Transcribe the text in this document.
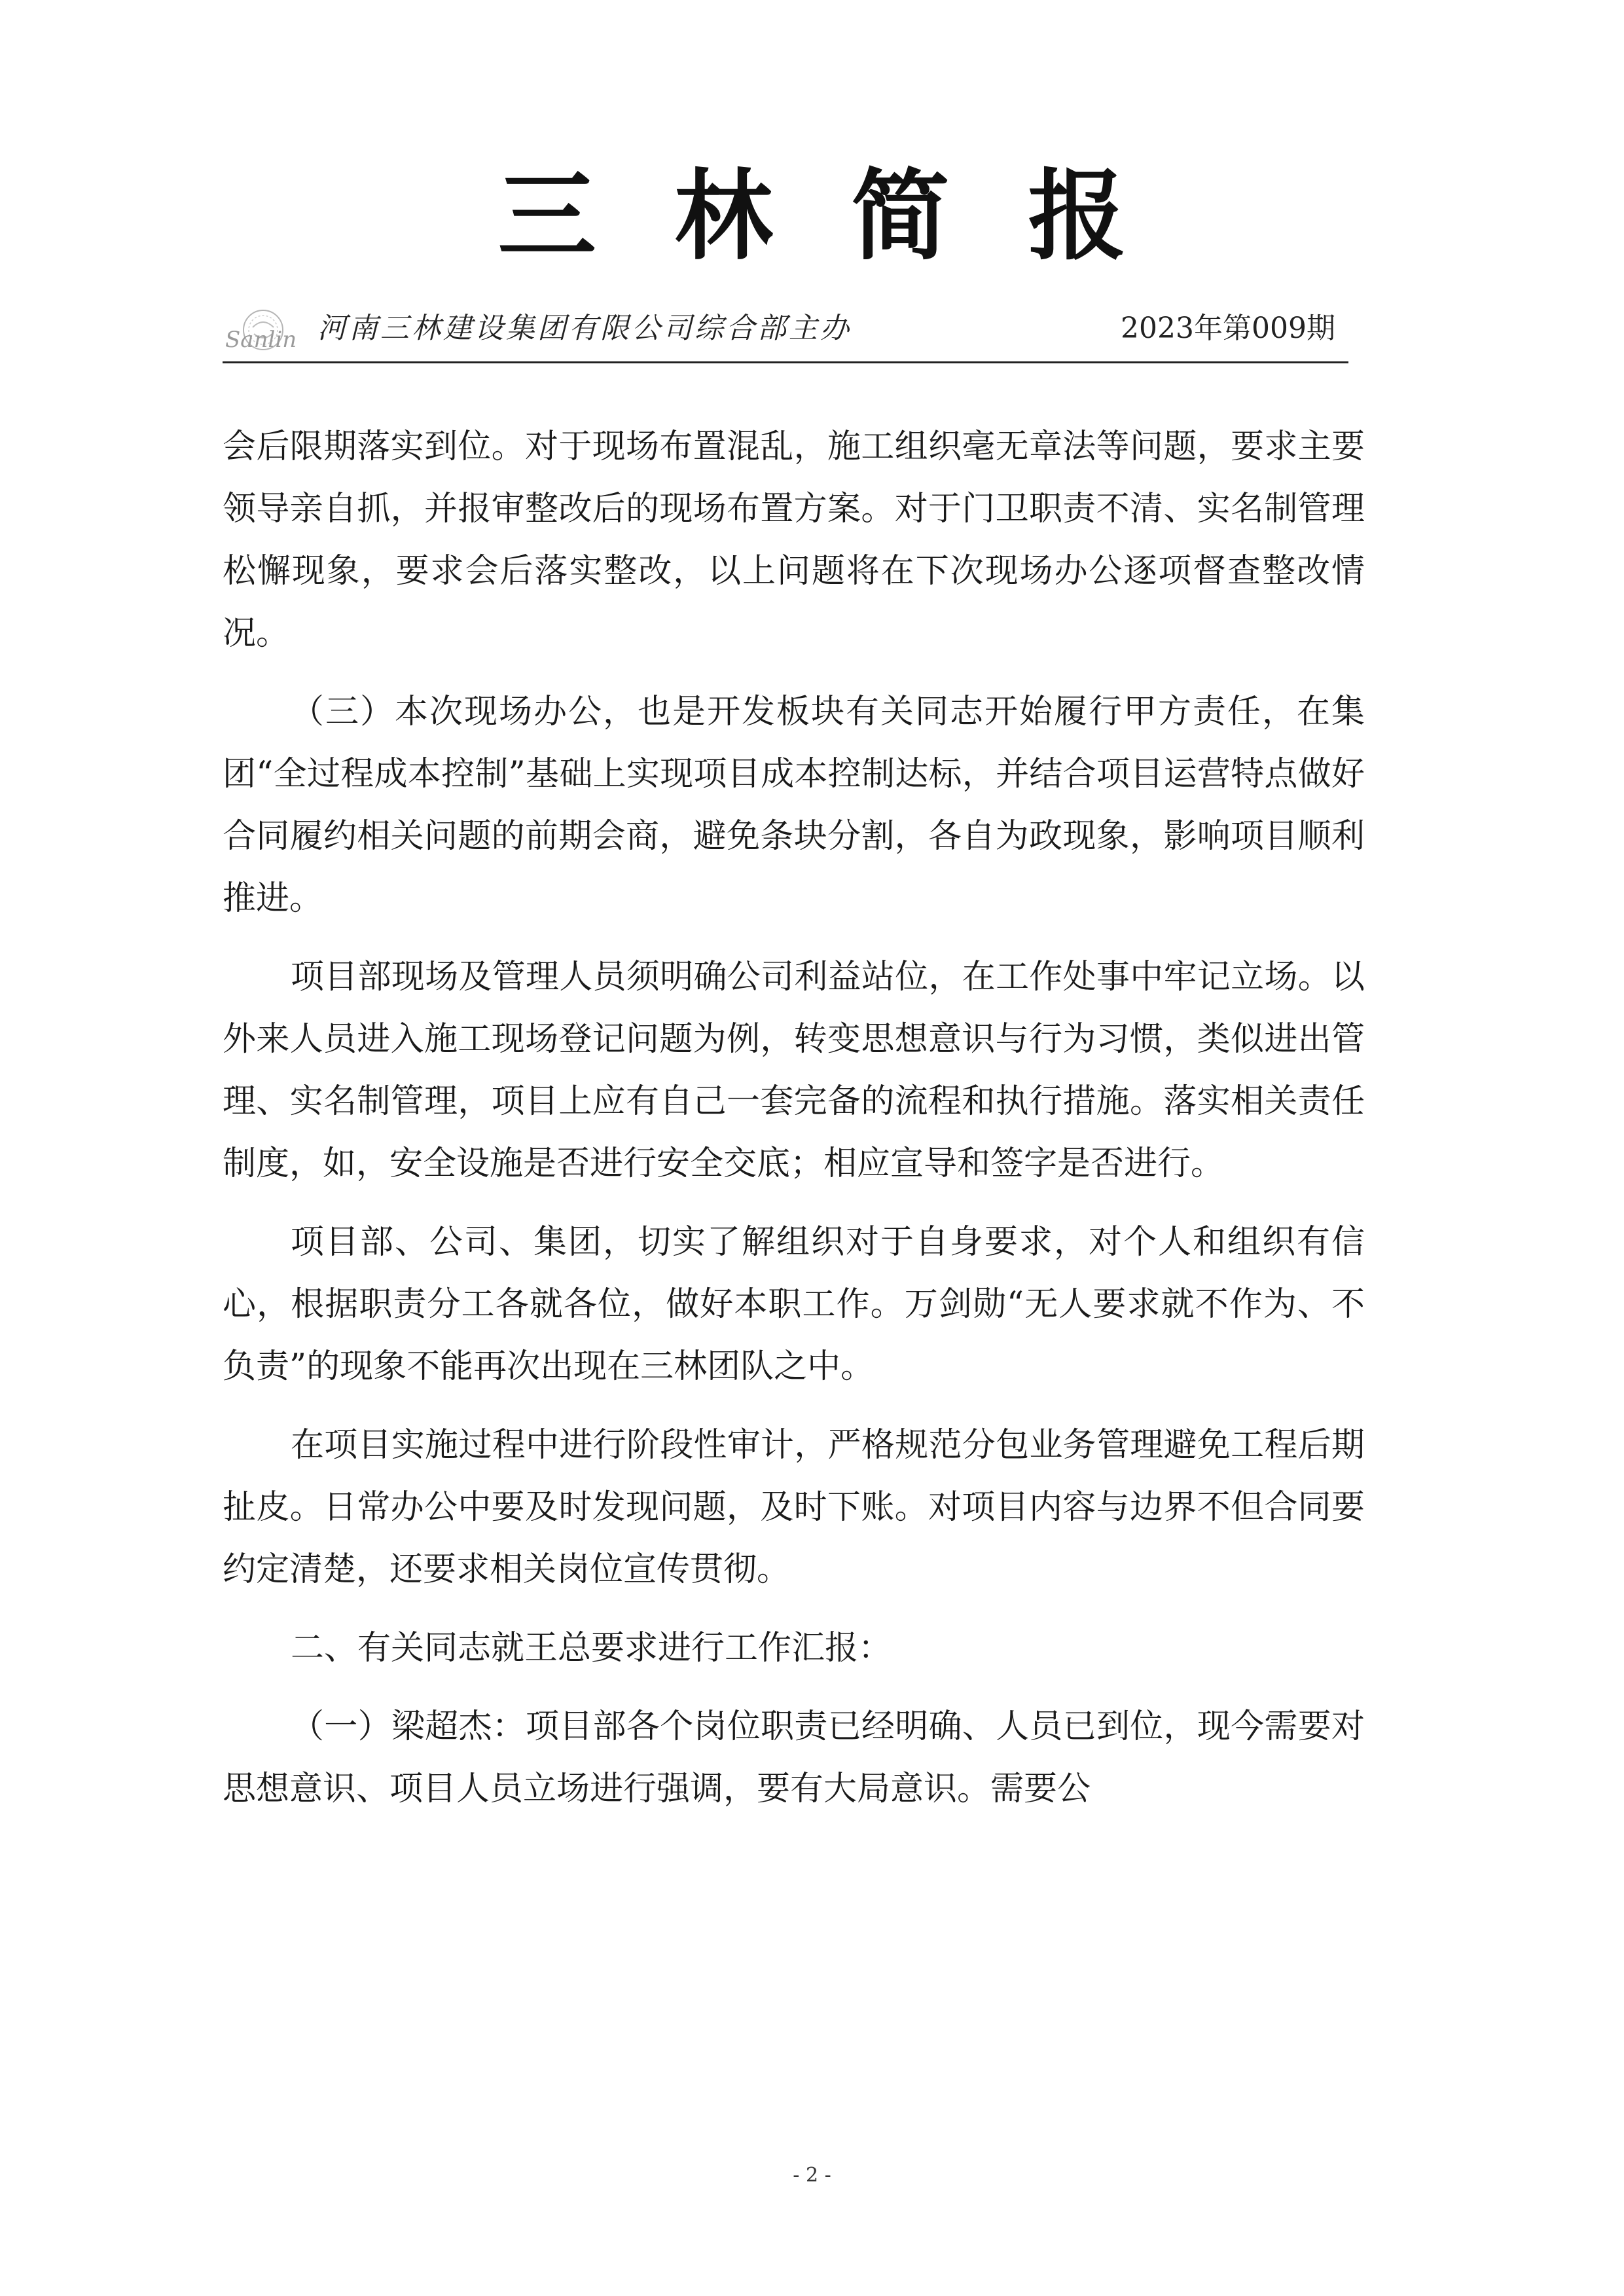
三林简报
Sanlin 河南三林建设集团有限公司综合部主办	2023年第009期

会后限期落实到位。对于现场布置混乱，施工组织毫无章法等问题，要求主要领导亲自抓，并报审整改后的现场布置方案。对于门卫职责不清、实名制管理松懈现象，要求会后落实整改，以上问题将在下次现场办公逐项督查整改情况。

（三）本次现场办公，也是开发板块有关同志开始履行甲方责任，在集团“全过程成本控制”基础上实现项目成本控制达标，并结合项目运营特点做好合同履约相关问题的前期会商，避免条块分割，各自为政现象，影响项目顺利推进。

项目部现场及管理人员须明确公司利益站位，在工作处事中牢记立场。以外来人员进入施工现场登记问题为例，转变思想意识与行为习惯，类似进出管理、实名制管理，项目上应有自己一套完备的流程和执行措施。落实相关责任制度，如，安全设施是否进行安全交底；相应宣导和签字是否进行。

项目部、公司、集团，切实了解组织对于自身要求，对个人和组织有信心，根据职责分工各就各位，做好本职工作。万剑勋“无人要求就不作为、不负责”的现象不能再次出现在三林团队之中。

在项目实施过程中进行阶段性审计，严格规范分包业务管理避免工程后期扯皮。日常办公中要及时发现问题，及时下账。对项目内容与边界不但合同要约定清楚，还要求相关岗位宣传贯彻。

二、有关同志就王总要求进行工作汇报：

（一）梁超杰：项目部各个岗位职责已经明确、人员已到位，现今需要对思想意识、项目人员立场进行强调，要有大局意识。需要公

- 2 -
